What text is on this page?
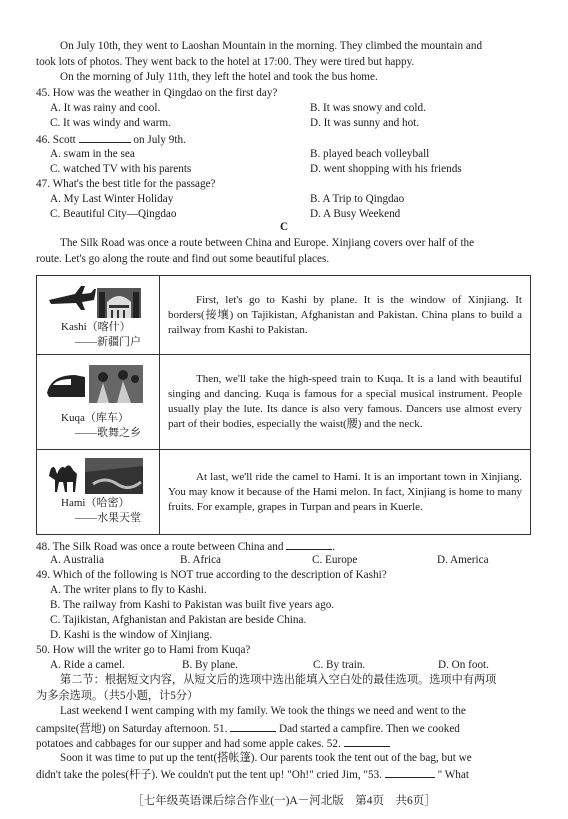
On July 10th, they went to Laoshan Mountain in the morning. They climbed the mountain and
took lots of photos. They went back to the hotel at 17:00. They were tired but happy.
On the morning of July 11th, they left the hotel and took the bus home.
45. How was the weather in Qingdao on the first day?
A. It was rainy and cool.	B. It was snowy and cold.
C. It was windy and warm.	D. It was sunny and hot.
46. Scott	on July 9th.
A. swam in the sea	B. played beach volleyball
C. watched TV with his parents	D. went shopping with his friends
47. What's the best title for the passage?
A. My Last Winter Holiday	B. A Trip to Qingdao
C. Beautiful City—Qingdao	D. A Busy Weekend
C
The Silk Road was once a route between China and Europe. Xinjiang covers over half of the
route. Let's go along the route and find out some beautiful places.
Kashi（喀什）
——新疆门户	First, let's go to Kashi by plane. It is the window of Xinjiang. It borders(接壤) on Tajikistan, Afghanistan and Pakistan. China plans to build a railway from Kashi to Pakistan.

Kuqa（库车）
——歌舞之乡	Then, we'll take the high-speed train to Kuqa. It is a land with beautiful singing and dancing. Kuqa is famous for a special musical instrument. People usually play the lute. Its dance is also very famous. Dancers use almost every part of their bodies, especially the waist(腰) and the neck.

Hami（哈密）
——水果天堂	At last, we'll ride the camel to Hami. It is an important town in Xinjiang. You may know it because of the Hami melon. In fact, Xinjiang is home to many fruits. For example, grapes in Turpan and pears in Kuerle.
48. The Silk Road was once a route between China and	.
A. Australia	B. Africa	C. Europe	D. America
49. Which of the following is NOT true according to the description of Kashi?
A. The writer plans to fly to Kashi.
B. The railway from Kashi to Pakistan was built five years ago.
C. Tajikistan, Afghanistan and Pakistan are beside China.
D. Kashi is the window of Xinjiang.
50. How will the writer go to Hami from Kuqa?
A. Ride a camel.	B. By plane.	C. By train.	D. On foot.
第二节：根据短文内容，从短文后的选项中选出能填入空白处的最佳选项。选项中有两项
为多余选项。（共5小题，计5分）
Last weekend I went camping with my family. We took the things we need and went to the
campsite(营地) on Saturday afternoon. 51.	Dad started a campfire. Then we cooked
potatoes and cabbages for our supper and had some apple cakes. 52.
Soon it was time to put up the tent(搭帐篷). Our parents took the tent out of the bag, but we
didn't take the poles(杆子). We couldn't put the tent up! "Oh!" cried Jim, "53.	" What
［七年级英语课后综合作业(一)A－河北版　第4页　共6页］
